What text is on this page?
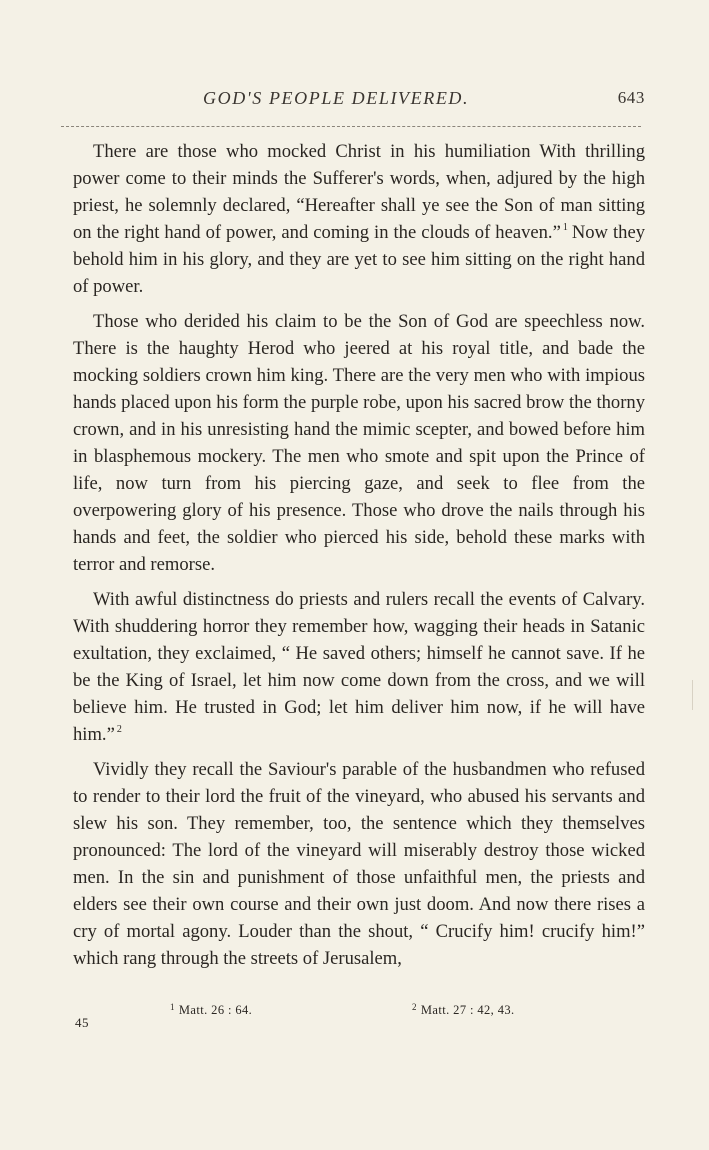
GOD'S PEOPLE DELIVERED.	643

There are those who mocked Christ in his humiliation With thrilling power come to their minds the Sufferer's words, when, adjured by the high priest, he solemnly declared, “Hereafter shall ye see the Son of man sitting on the right hand of power, and coming in the clouds of heaven.” $^1$ Now they behold him in his glory, and they are yet to see him sitting on the right hand of power.

Those who derided his claim to be the Son of God are speechless now. There is the haughty Herod who jeered at his royal title, and bade the mocking soldiers crown him king. There are the very men who with impious hands placed upon his form the purple robe, upon his sacred brow the thorny crown, and in his unresisting hand the mimic scepter, and bowed before him in blasphemous mockery. The men who smote and spit upon the Prince of life, now turn from his piercing gaze, and seek to flee from the overpowering glory of his presence. Those who drove the nails through his hands and feet, the soldier who pierced his side, behold these marks with terror and remorse.

With awful distinctness do priests and rulers recall the events of Calvary. With shuddering horror they remember how, wagging their heads in Satanic exultation, they exclaimed, “ He saved others; himself he cannot save. If he be the King of Israel, let him now come down from the cross, and we will believe him. He trusted in God; let him deliver him now, if he will have him.” $^2$

Vividly they recall the Saviour's parable of the husbandmen who refused to render to their lord the fruit of the vineyard, who abused his servants and slew his son. They remember, too, the sentence which they themselves pronounced: The lord of the vineyard will miserably destroy those wicked men. In the sin and punishment of those unfaithful men, the priests and elders see their own course and their own just doom. And now there rises a cry of mortal agony. Louder than the shout, “ Crucify him! crucify him!” which rang through the streets of Jerusalem,

45
$^1$ Matt. 26 : 64.	$^2$ Matt. 27 : 42, 43.
